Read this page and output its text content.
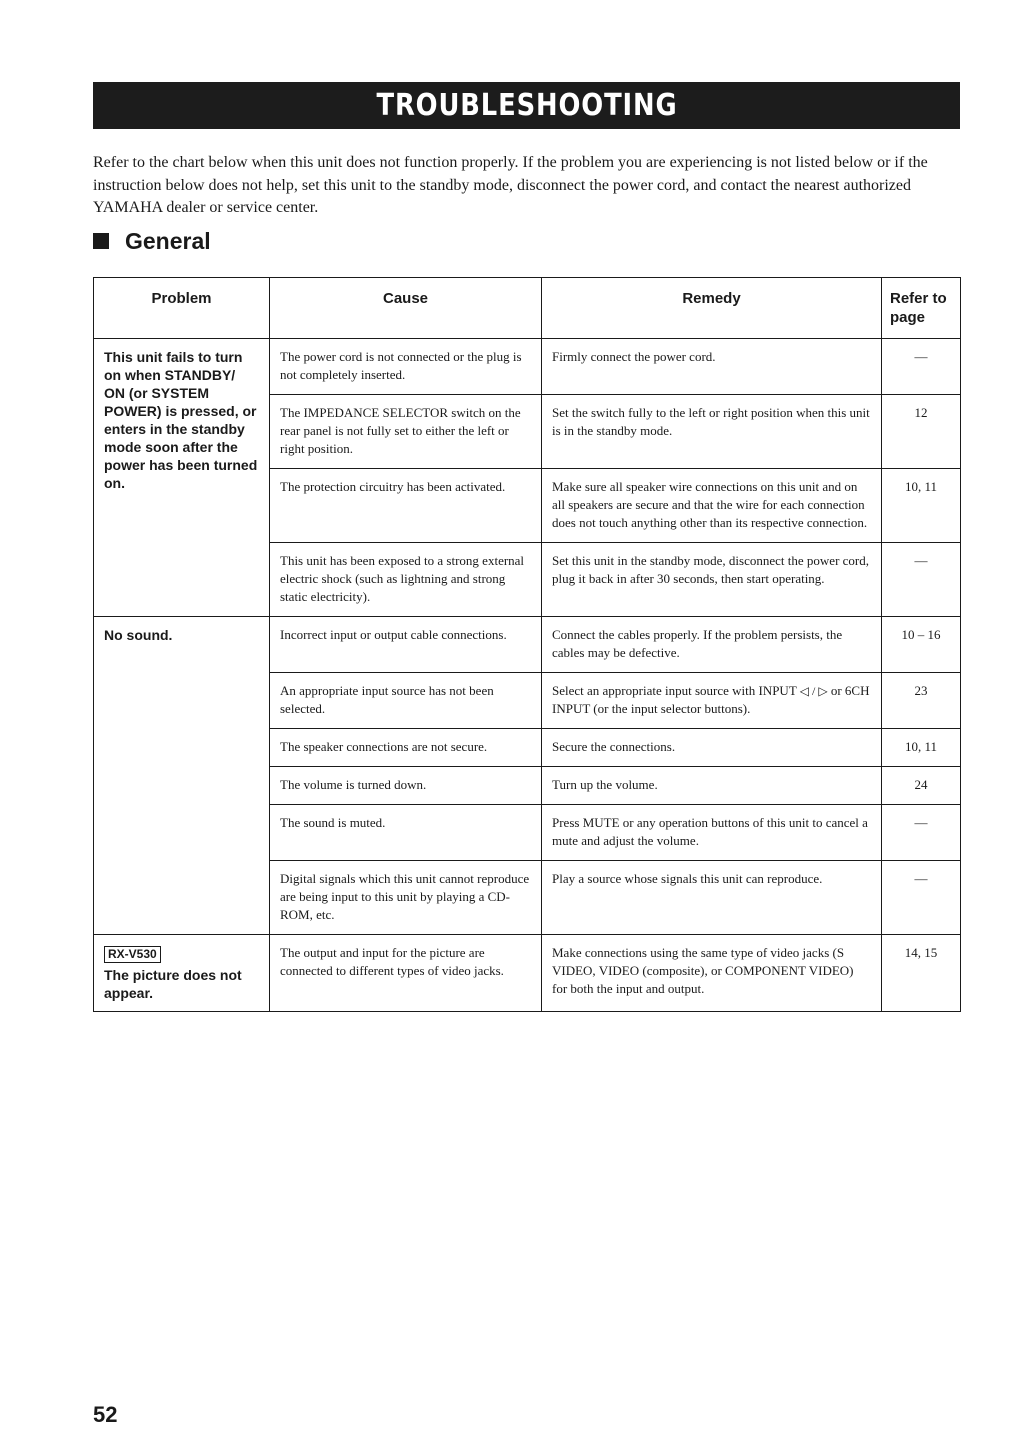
TROUBLESHOOTING

Refer to the chart below when this unit does not function properly. If the problem you are experiencing is not listed below or if the instruction below does not help, set this unit to the standby mode, disconnect the power cord, and contact the nearest authorized YAMAHA dealer or service center.

General
Problem	Cause	Remedy	Refer to page
This unit fails to turn on when STANDBY/ ON (or SYSTEM POWER) is pressed, or enters in the standby mode soon after the power has been turned on.	The power cord is not connected or the plug is not completely inserted.	Firmly connect the power cord.	—
	The IMPEDANCE SELECTOR switch on the rear panel is not fully set to either the left or right position.	Set the switch fully to the left or right position when this unit is in the standby mode.	12
	The protection circuitry has been activated.	Make sure all speaker wire connections on this unit and on all speakers are secure and that the wire for each connection does not touch anything other than its respective connection.	10, 11
	This unit has been exposed to a strong external electric shock (such as lightning and strong static electricity).	Set this unit in the standby mode, disconnect the power cord, plug it back in after 30 seconds, then start operating.	—
No sound.	Incorrect input or output cable connections.	Connect the cables properly. If the problem persists, the cables may be defective.	10 – 16
	An appropriate input source has not been selected.	Select an appropriate input source with INPUT ◁ / ▷ or 6CH INPUT (or the input selector buttons).	23
	The speaker connections are not secure.	Secure the connections.	10, 11
	The volume is turned down.	Turn up the volume.	24
	The sound is muted.	Press MUTE or any operation buttons of this unit to cancel a mute and adjust the volume.	—
	Digital signals which this unit cannot reproduce are being input to this unit by playing a CD-ROM, etc.	Play a source whose signals this unit can reproduce.	—
RX-V530
The picture does not appear.	The output and input for the picture are connected to different types of video jacks.	Make connections using the same type of video jacks (S VIDEO, VIDEO (composite), or COMPONENT VIDEO) for both the input and output.	14, 15
52
